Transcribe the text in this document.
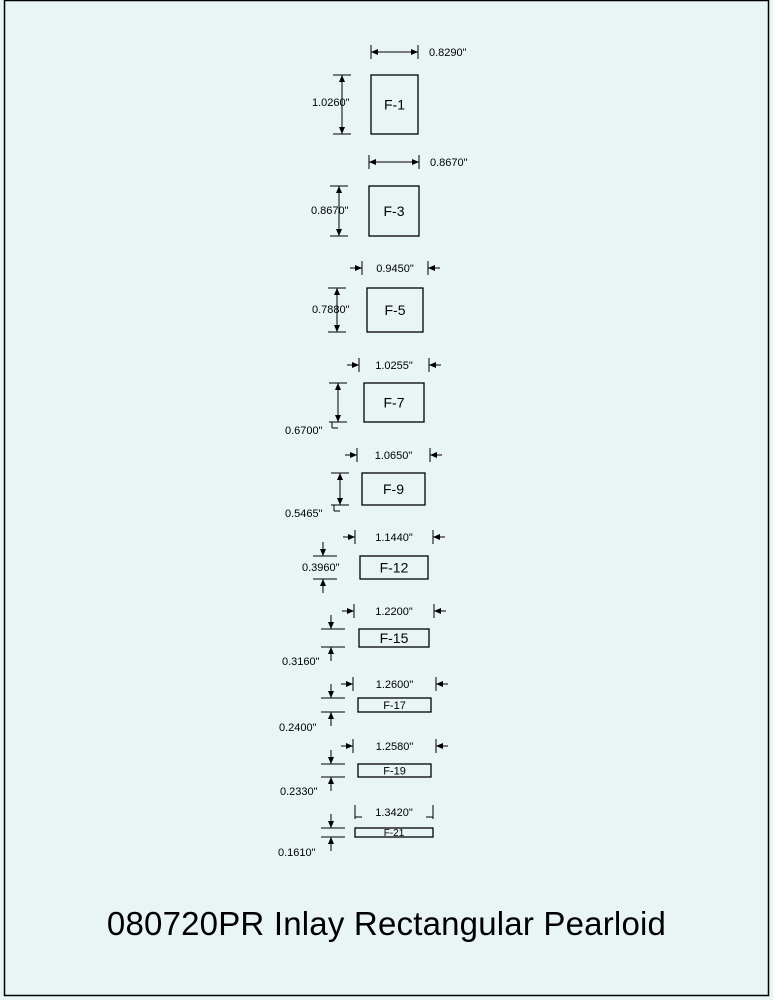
F-1
0.8290"
1.0260"
F-3
0.8670"
0.8670"
F-5
0.9450"
0.7880"
F-7
1.0255"
0.6700"
F-9
1.0650"
0.5465"
F-12
1.1440"
0.3960"
F-15
1.2200"
0.3160"
F-17
1.2600"
0.2400"
F-19
1.2580"
0.2330"
F-21
1.3420"
0.1610"
080720PR Inlay Rectangular Pearloid
